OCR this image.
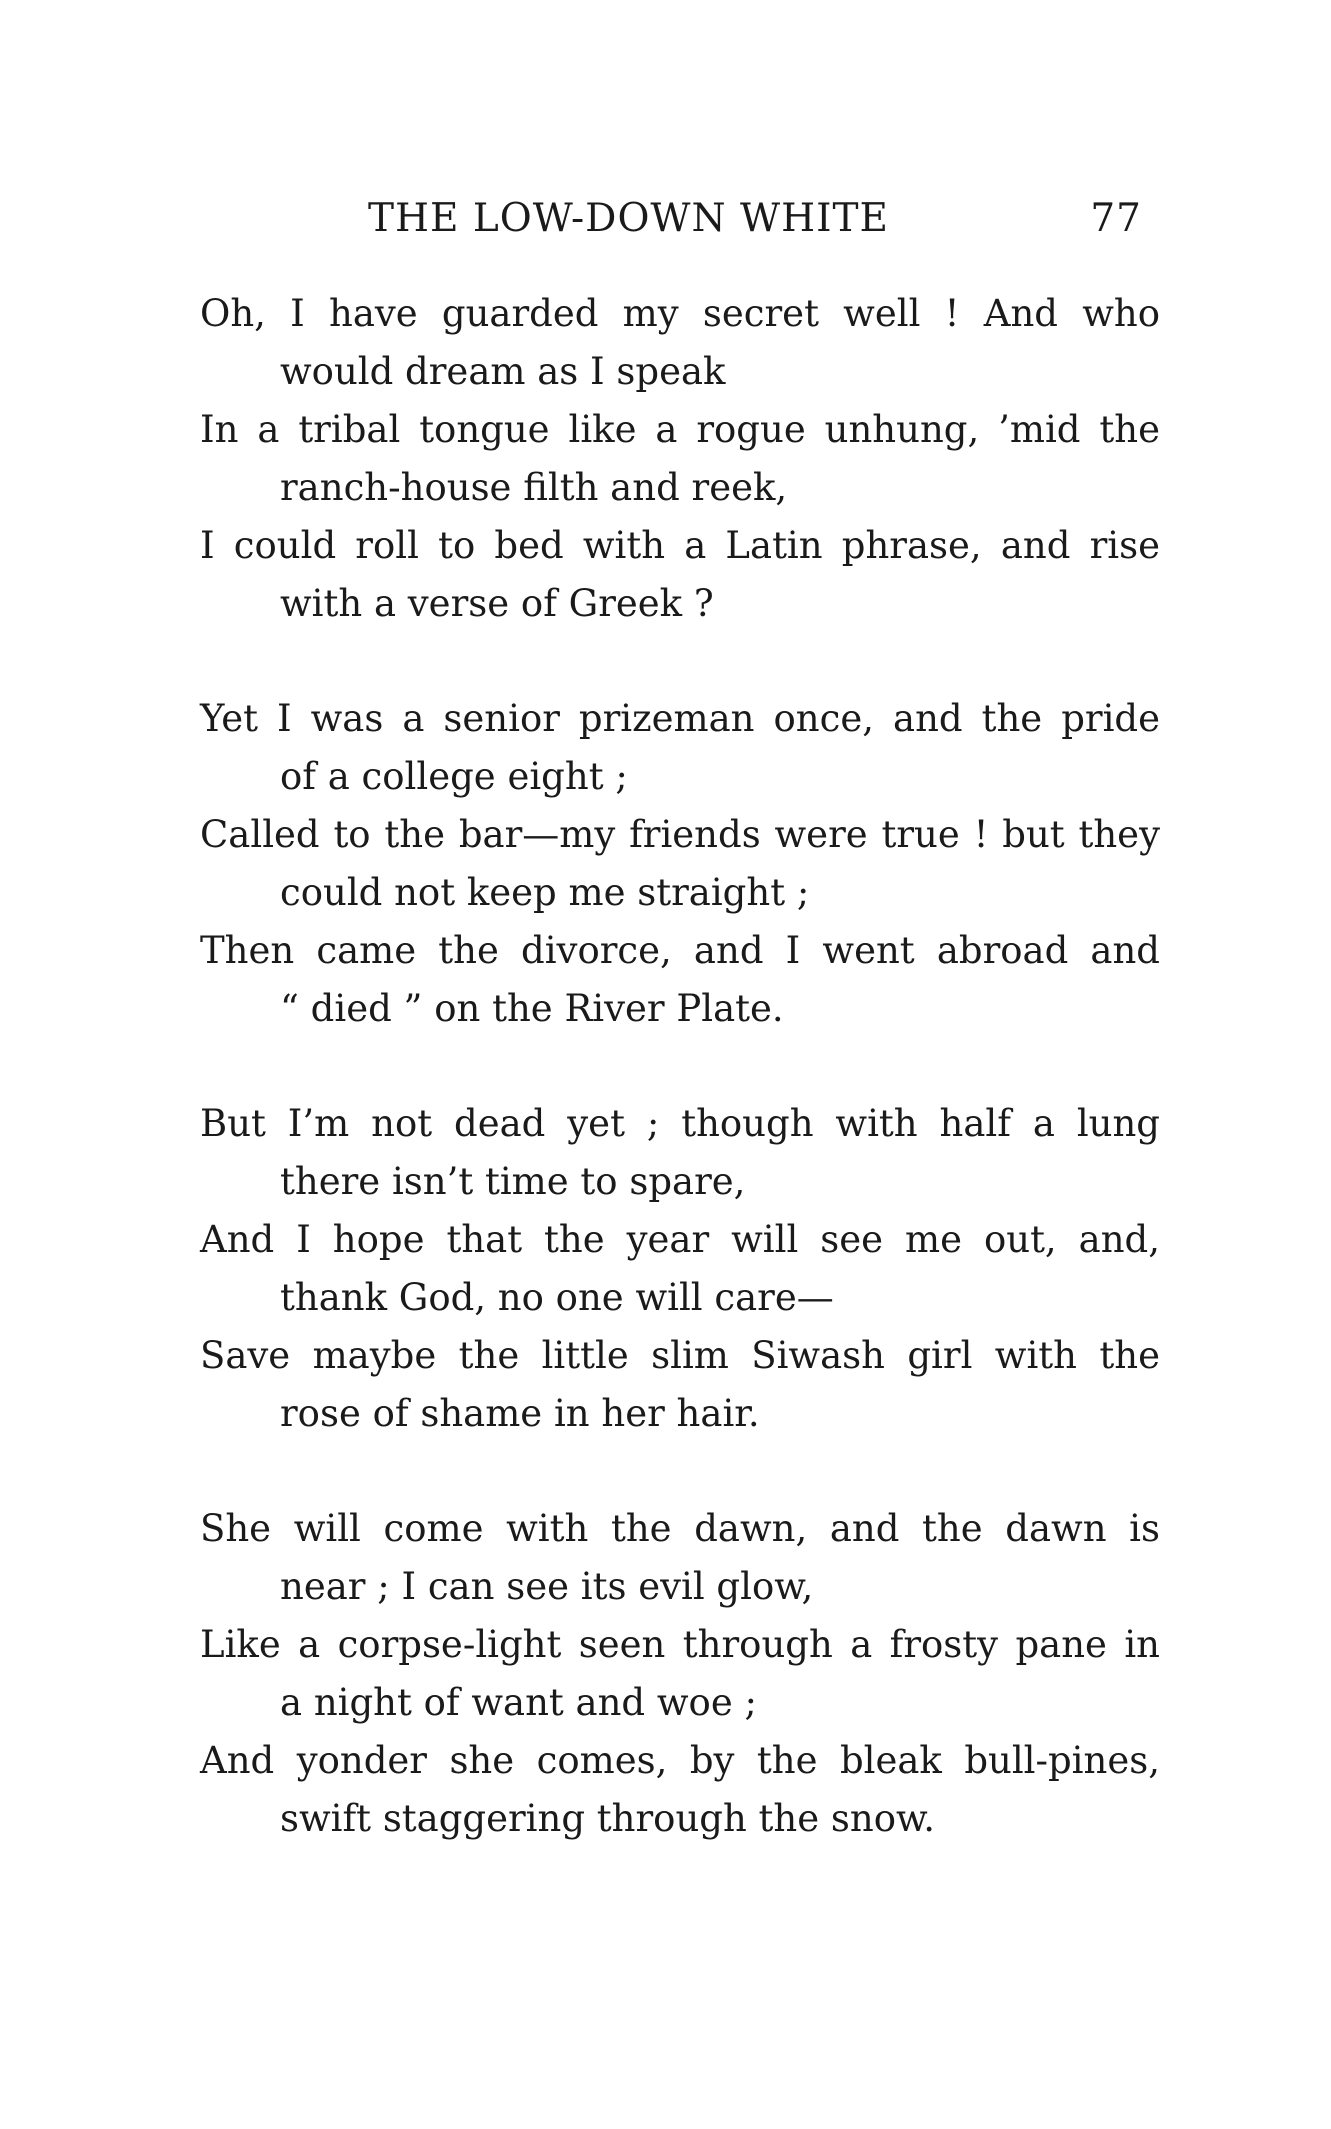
THE LOW-DOWN WHITE	77
Oh, I have guarded my secret well ! And who
would dream as I speak
In a tribal tongue like a rogue unhung, ’mid the
ranch-house filth and reek,
I could roll to bed with a Latin phrase, and rise
with a verse of Greek ?
Yet I was a senior prizeman once, and the pride
of a college eight ;
Called to the bar—my friends were true ! but they
could not keep me straight ;
Then came the divorce, and I went abroad and
“ died ” on the River Plate.
But I’m not dead yet ; though with half a lung
there isn’t time to spare,
And I hope that the year will see me out, and,
thank God, no one will care—
Save maybe the little slim Siwash girl with the
rose of shame in her hair.
She will come with the dawn, and the dawn is
near ; I can see its evil glow,
Like a corpse-light seen through a frosty pane in
a night of want and woe ;
And yonder she comes, by the bleak bull-pines,
swift staggering through the snow.
